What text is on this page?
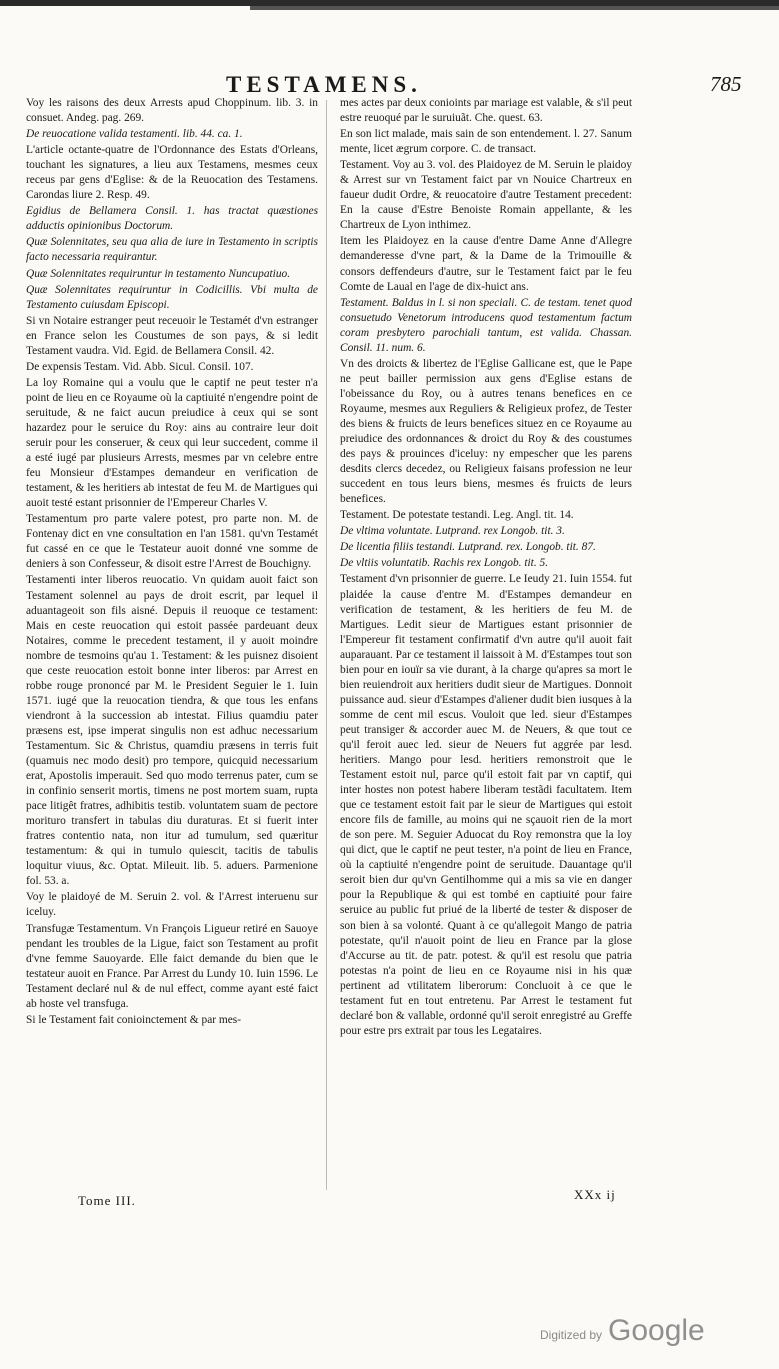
TESTAMENS.	785

Voy les raisons des deux Arrests apud Choppinum. lib. 3. in consuet. Andeg. pag. 269.

De reuocatione valida testamenti. lib. 44. ca. 1.

L'article octante-quatre de l'Ordonnance des Estats d'Orleans, touchant les signatures, a lieu aux Testamens, mesmes ceux receus par gens d'Eglise: & de la Reuocation des Testamens. Carondas liure 2. Resp. 49.

Egidius de Bellamera Consil. 1. has tractat quæstiones adductis opinionibus Doctorum.

Quæ Solennitates, seu qua alia de iure in Testamento in scriptis facto necessaria requirantur.

Quæ Solennitates requiruntur in testamento Nuncupatiuo.

Quæ Solennitates requiruntur in Codicillis. Vbi multa de Testamento cuiusdam Episcopi.

Si vn Notaire estranger peut receuoir le Testamét d'vn estranger en France selon les Coustumes de son pays, & si ledit Testament vaudra. Vid. Egid. de Bellamera Consil. 42.

De expensis Testam. Vid. Abb. Sicul. Consil. 107.

La loy Romaine qui a voulu que le captif ne peut tester n'a point de lieu en ce Royaume où la captiuité n'engendre point de seruitude, & ne faict aucun preiudice à ceux qui se sont hazardez pour le seruice du Roy: ains au contraire leur doit seruir pour les conseruer, & ceux qui leur succedent, comme il a esté iugé par plusieurs Arrests, mesmes par vn celebre entre feu Monsieur d'Estampes demandeur en verification de testament, & les heritiers ab intestat de feu M. de Martigues qui auoit testé estant prisonnier de l'Empereur Charles V.

Testamentum pro parte valere potest, pro parte non. M. de Fontenay dict en vne consultation en l'an 1581. qu'vn Testamét fut cassé en ce que le Testateur auoit donné vne somme de deniers à son Confesseur, & disoit estre l'Arrest de Bouchigny.

Testamenti inter liberos reuocatio. Vn quidam auoit faict son Testament solennel au pays de droit escrit, par lequel il aduantageoit son fils aisné. Depuis il reuoque ce testament: Mais en ceste reuocation qui estoit passée pardeuant deux Notaires, comme le precedent testament, il y auoit moindre nombre de tesmoins qu'au 1. Testament: & les puisnez disoient que ceste reuocation estoit bonne inter liberos: par Arrest en robbe rouge prononcé par M. le President Seguier le 1. Iuin 1571. iugé que la reuocation tiendra, & que tous les enfans viendront à la succession ab intestat. Filius quamdiu pater præsens est, ipse imperat singulis non est adhuc necessarium Testamentum. Sic & Christus, quamdiu præsens in terris fuit (quamuis nec modo desit) pro tempore, quicquid necessarium erat, Apostolis imperauit. Sed quo modo terrenus pater, cum se in confinio senserit mortis, timens ne post mortem suam, rupta pace litigêt fratres, adhibitis testib. voluntatem suam de pectore morituro transfert in tabulas diu duraturas. Et si fuerit inter fratres contentio nata, non itur ad tumulum, sed quæritur testamentum: & qui in tumulo quiescit, tacitis de tabulis loquitur viuus, &c. Optat. Mileuit. lib. 5. aduers. Parmenione fol. 53. a.

Voy le plaidoyé de M. Seruin 2. vol. & l'Arrest interuenu sur iceluy.

Transfugæ Testamentum. Vn François Ligueur retiré en Sauoye pendant les troubles de la Ligue, faict son Testament au profit d'vne femme Sauoyarde. Elle faict demande du bien que le testateur auoit en France. Par Arrest du Lundy 10. Iuin 1596. Le Testament declaré nul & de nul effect, comme ayant esté faict ab hoste vel transfuga.

Si le Testament fait conioinctement & par mes-

mes actes par deux conioints par mariage est valable, & s'il peut estre reuoqué par le suruiuãt. Che. quest. 63.

En son lict malade, mais sain de son entendement. l. 27. Sanum mente, licet ægrum corpore. C. de transact.

Testament. Voy au 3. vol. des Plaidoyez de M. Seruin le plaidoy & Arrest sur vn Testament faict par vn Nouice Chartreux en faueur dudit Ordre, & reuocatoire d'autre Testament precedent: En la cause d'Estre Benoiste Romain appellante, & les Chartreux de Lyon inthimez.

Item les Plaidoyez en la cause d'entre Dame Anne d'Allegre demanderesse d'vne part, & la Dame de la Trimouille & consors deffendeurs d'autre, sur le Testament faict par le feu Comte de Laual en l'age de dix-huict ans.

Testament. Baldus in l. si non speciali. C. de testam. tenet quod consuetudo Venetorum introducens quod testamentum factum coram presbytero parochiali tantum, est valida. Chassan. Consil. 11. num. 6.

Vn des droicts & libertez de l'Eglise Gallicane est, que le Pape ne peut bailler permission aux gens d'Eglise estans de l'obeissance du Roy, ou à autres tenans benefices en ce Royaume, mesmes aux Reguliers & Religieux profez, de Tester des biens & fruicts de leurs benefices situez en ce Royaume au preiudice des ordonnances & droict du Roy & des coustumes des pays & prouinces d'iceluy: ny empescher que les parens desdits clercs decedez, ou Religieux faisans profession ne leur succedent en tous leurs biens, mesmes és fruicts de leurs benefices.

Testament. De potestate testandi. Leg. Angl. tit. 14.

De vltima voluntate. Lutprand. rex Longob. tit. 3.

De licentia filiis testandi. Lutprand. rex. Longob. tit. 87.

De vltiis voluntatib. Rachis rex Longob. tit. 5.

Testament d'vn prisonnier de guerre. Le Ieudy 21. Iuin 1554. fut plaidée la cause d'entre M. d'Estampes demandeur en verification de testament, & les heritiers de feu M. de Martigues. Ledit sieur de Martigues estant prisonnier de l'Empereur fit testament confirmatif d'vn autre qu'il auoit fait auparauant. Par ce testament il laissoit à M. d'Estampes tout son bien pour en iouïr sa vie durant, à la charge qu'apres sa mort le bien reuiendroit aux heritiers dudit sieur de Martigues. Donnoit puissance aud. sieur d'Estampes d'aliener dudit bien iusques à la somme de cent mil escus. Vouloit que led. sieur d'Estampes peut transiger & accorder auec M. de Neuers, & que tout ce qu'il feroit auec led. sieur de Neuers fut aggrée par lesd. heritiers. Mango pour lesd. heritiers remonstroit que le Testament estoit nul, parce qu'il estoit fait par vn captif, qui inter hostes non potest habere liberam testãdi facultatem. Item que ce testament estoit fait par le sieur de Martigues qui estoit encore fils de famille, au moins qui ne sçauoit rien de la mort de son pere. M. Seguier Aduocat du Roy remonstra que la loy qui dict, que le captif ne peut tester, n'a point de lieu en France, où la captiuité n'engendre point de seruitude. Dauantage qu'il seroit bien dur qu'vn Gentilhomme qui a mis sa vie en danger pour la Republique & qui est tombé en captiuité pour faire seruice au public fut priué de la liberté de tester & disposer de son bien à sa volonté. Quant à ce qu'allegoit Mango de patria potestate, qu'il n'auoit point de lieu en France par la glose d'Accurse au tit. de patr. potest. & qu'il est resolu que patria potestas n'a point de lieu en ce Royaume nisi in his quæ pertinent ad vtilitatem liberorum: Concluoit à ce que le testament fut en tout entretenu. Par Arrest le testament fut declaré bon & vallable, ordonné qu'il seroit enregistré au Greffe pour estre prs extrait par tous les Legataires.

Tome III.	XXx ij
Digitized by Google
